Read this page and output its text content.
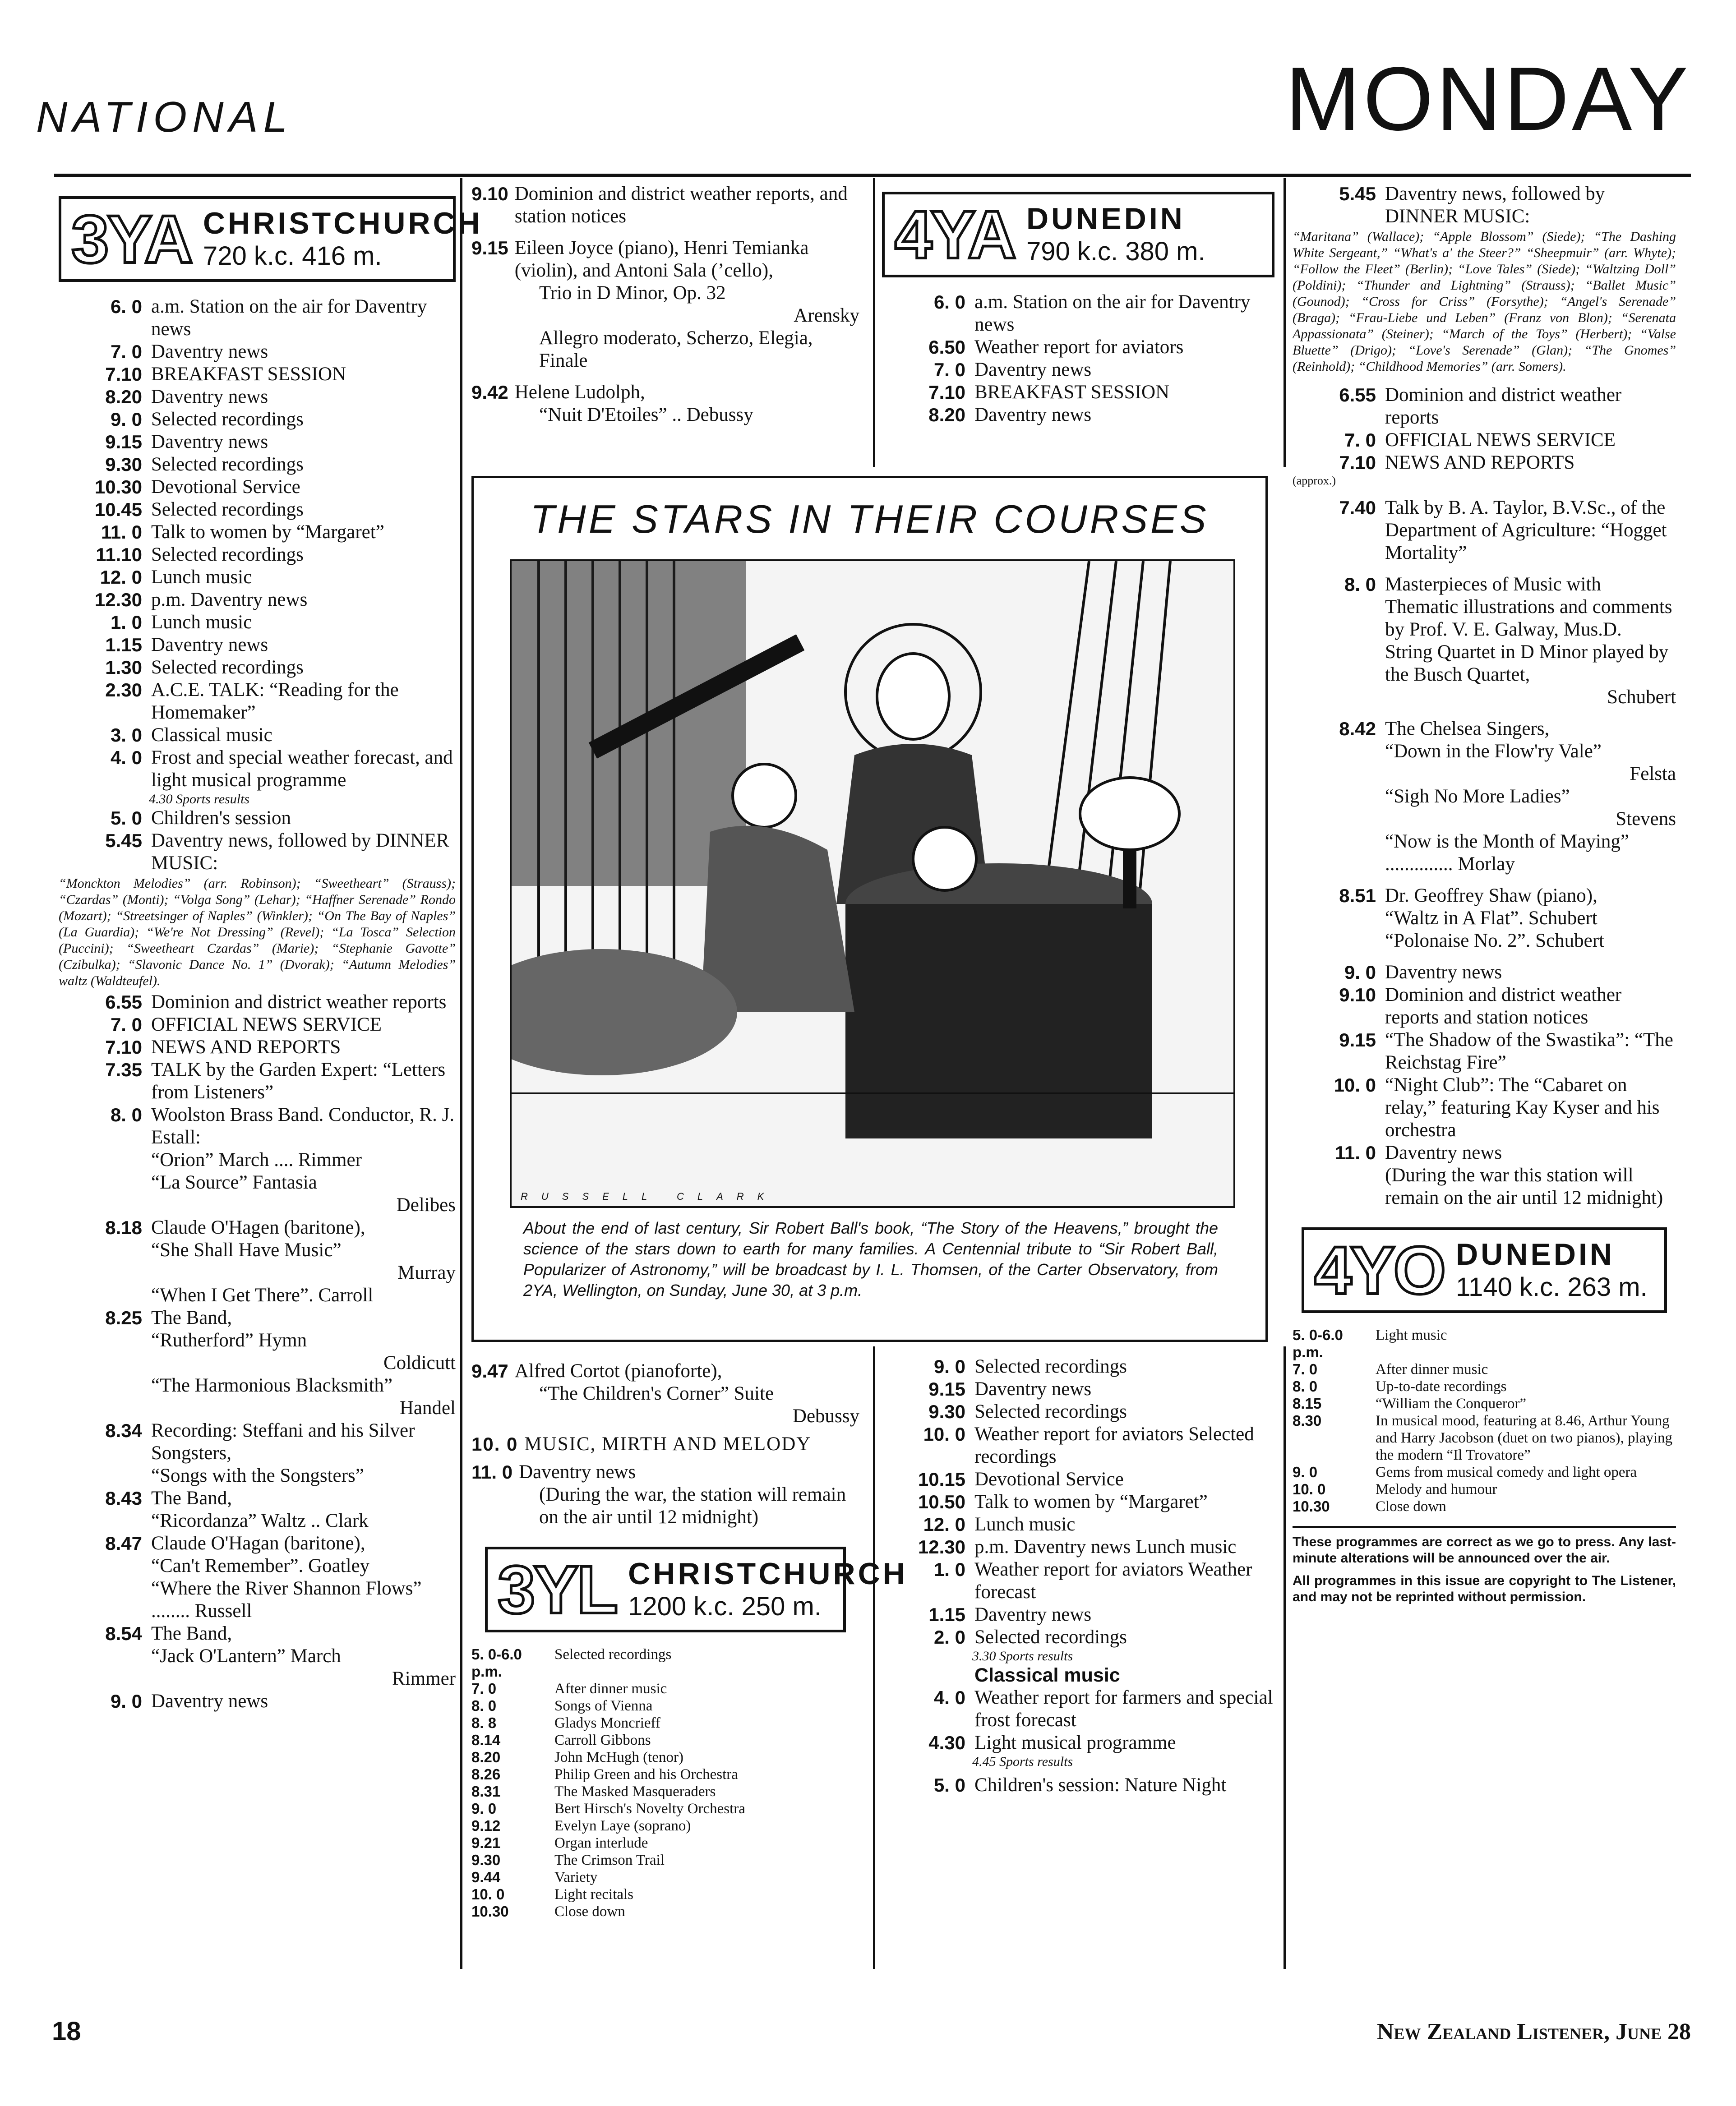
NATIONAL	MONDAY
3YA CHRISTCHURCH
720 k.c. 416 m.
6. 0 a.m. Station on the air for Daventry news
7. 0 Daventry news
7.10 BREAKFAST SESSION
8.20 Daventry news
9. 0 Selected recordings
9.15 Daventry news
9.30 Selected recordings
10.30 Devotional Service
10.45 Selected recordings
11. 0 Talk to women by “Margaret”
11.10 Selected recordings
12. 0 Lunch music
12.30 p.m. Daventry news
1. 0 Lunch music
1.15 Daventry news
1.30 Selected recordings
2.30 A.C.E. TALK: “Reading for the Homemaker”
3. 0 Classical music
4. 0 Frost and special weather forecast, and light musical programme
4.30 Sports results
5. 0 Children's session
5.45 Daventry news, followed by DINNER MUSIC:
“Monckton Melodies” (arr. Robinson); “Sweetheart” (Strauss); “Czardas” (Monti); “Volga Song” (Lehar); “Haffner Serenade” Rondo (Mozart); “Streetsinger of Naples” (Winkler); “On The Bay of Naples” (La Guardia); “We're Not Dressing” (Revel); “La Tosca” Selection (Puccini); “Sweetheart Czardas” (Marie); “Stephanie Gavotte” (Czibulka); “Slavonic Dance No. 1” (Dvorak); “Autumn Melodies” waltz (Waldteufel).
6.55 Dominion and district weather reports
7. 0 OFFICIAL NEWS SERVICE
7.10 NEWS AND REPORTS
7.35 TALK by the Garden Expert: “Letters from Listeners”
8. 0 Woolston Brass Band. Conductor, R. J. Estall:
“Orion” March .... Rimmer
“La Source” Fantasia
Delibes
8.18 Claude O'Hagen (baritone),
“She Shall Have Music”
Murray
“When I Get There”. Carroll
8.25 The Band,
“Rutherford” Hymn
Coldicutt
“The Harmonious Blacksmith”
Handel
8.34 Recording: Steffani and his Silver Songsters,
“Songs with the Songsters”
8.43 The Band,
“Ricordanza” Waltz .. Clark
8.47 Claude O'Hagan (baritone),
“Can't Remember”. Goatley
“Where the River Shannon Flows” ........ Russell
8.54 The Band,
“Jack O'Lantern” March
Rimmer
9. 0 Daventry news
9.10 Dominion and district weather reports, and station notices
9.15 Eileen Joyce (piano), Henri Temianka (violin), and Antoni Sala (’cello),
Trio in D Minor, Op. 32
Arensky
Allegro moderato, Scherzo, Elegia, Finale
9.42 Helene Ludolph,
“Nuit D'Etoiles” .. Debussy
4YA DUNEDIN
790 k.c. 380 m.
6. 0 a.m. Station on the air for Daventry news
6.50 Weather report for aviators
7. 0 Daventry news
7.10 BREAKFAST SESSION
8.20 Daventry news
THE STARS IN THEIR COURSES
RUSSELL CLARK
About the end of last century, Sir Robert Ball's book, “The Story of the Heavens,” brought the science of the stars down to earth for many families. A Centennial tribute to “Sir Robert Ball, Popularizer of Astronomy,” will be broadcast by I. L. Thomsen, of the Carter Observatory, from 2YA, Wellington, on Sunday, June 30, at 3 p.m.
9.47 Alfred Cortot (pianoforte),
“The Children's Corner” Suite
Debussy
10. 0 MUSIC, MIRTH AND MELODY
11. 0 Daventry news
(During the war, the station will remain on the air until 12 midnight)
3YL CHRISTCHURCH
1200 k.c. 250 m.
5. 0-6.0 p.m.
Selected recordings
7. 0	After dinner music
8. 0	Songs of Vienna
8. 8	Gladys Moncrieff
8.14	Carroll Gibbons
8.20	John McHugh (tenor)
8.26	Philip Green and his Orchestra
8.31	The Masked Masqueraders
9. 0	Bert Hirsch's Novelty Orchestra
9.12	Evelyn Laye (soprano)
9.21	Organ interlude
9.30	The Crimson Trail
9.44	Variety
10. 0	Light recitals
10.30	Close down
9. 0 Selected recordings
9.15 Daventry news
9.30 Selected recordings
10. 0 Weather report for aviators Selected recordings
10.15 Devotional Service
10.50 Talk to women by “Margaret”
12. 0 Lunch music
12.30 p.m. Daventry news Lunch music
1. 0 Weather report for aviators Weather forecast
1.15 Daventry news
2. 0 Selected recordings
3.30 Sports results
Classical music
4. 0 Weather report for farmers and special frost forecast
4.30 Light musical programme
4.45 Sports results
5. 0 Children's session: Nature Night
5.45 Daventry news, followed by DINNER MUSIC:
“Maritana” (Wallace); “Apple Blossom” (Siede); “The Dashing White Sergeant,” “What's a' the Steer?” “Sheepmuir” (arr. Whyte); “Follow the Fleet” (Berlin); “Love Tales” (Siede); “Waltzing Doll” (Poldini); “Thunder and Lightning” (Strauss); “Ballet Music” (Gounod); “Cross for Criss” (Forsythe); “Angel's Serenade” (Braga); “Frau-Liebe und Leben” (Franz von Blon); “Serenata Appassionata” (Steiner); “March of the Toys” (Herbert); “Valse Bluette” (Drigo); “Love's Serenade” (Glan); “The Gnomes” (Reinhold); “Childhood Memories” (arr. Somers).
6.55 Dominion and district weather reports
7. 0 OFFICIAL NEWS SERVICE
7.10 NEWS AND REPORTS
(approx.)
7.40 Talk by B. A. Taylor, B.V.Sc., of the Department of Agriculture: “Hogget Mortality”
8. 0 Masterpieces of Music with Thematic illustrations and comments by Prof. V. E. Galway, Mus.D.
String Quartet in D Minor played by the Busch Quartet,
Schubert
8.42 The Chelsea Singers,
“Down in the Flow'ry Vale”
Felsta
“Sigh No More Ladies”
Stevens
“Now is the Month of Maying” .............. Morlay
8.51 Dr. Geoffrey Shaw (piano),
“Waltz in A Flat”. Schubert
“Polonaise No. 2”. Schubert
9. 0 Daventry news
9.10 Dominion and district weather reports and station notices
9.15 “The Shadow of the Swastika”: “The Reichstag Fire”
10. 0 “Night Club”: The “Cabaret on relay,” featuring Kay Kyser and his orchestra
11. 0 Daventry news
(During the war this station will remain on the air until 12 midnight)
4YO DUNEDIN
1140 k.c. 263 m.
5. 0-6.0 p.m.
Light music
7. 0	After dinner music
8. 0	Up-to-date recordings
8.15	“William the Conqueror”
8.30	In musical mood, featuring at 8.46, Arthur Young and Harry Jacobson (duet on two pianos), playing the modern “Il Trovatore”
9. 0	Gems from musical comedy and light opera
10. 0	Melody and humour
10.30	Close down
These programmes are correct as we go to press. Any last-minute alterations will be announced over the air.
All programmes in this issue are copyright to The Listener, and may not be reprinted without permission.
18	New Zealand Listener, June 28
